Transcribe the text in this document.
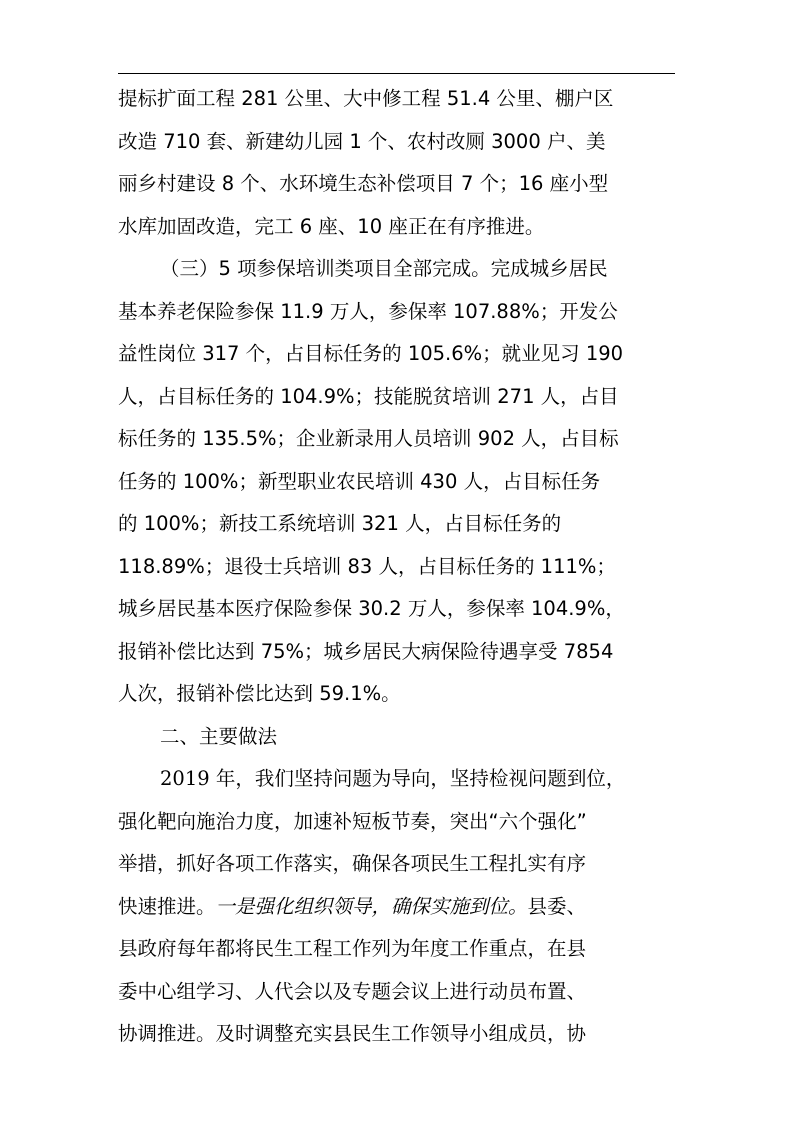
提标扩面工程 281 公里、大中修工程 51.4 公里、棚户区
改造 710 套、新建幼儿园 1 个、农村改厕 3000 户、美
丽乡村建设 8 个、水环境生态补偿项目 7 个；16 座小型
水库加固改造，完工 6 座、10 座正在有序推进。
（三）5 项参保培训类项目全部完成。完成城乡居民
基本养老保险参保 11.9 万人，参保率 107.88%；开发公
益性岗位 317 个，占目标任务的 105.6%；就业见习 190
人，占目标任务的 104.9%；技能脱贫培训 271 人，占目
标任务的 135.5%；企业新录用人员培训 902 人，占目标
任务的 100%；新型职业农民培训 430 人，占目标任务
的 100%；新技工系统培训 321 人，占目标任务的
118.89%；退役士兵培训 83 人，占目标任务的 111%；
城乡居民基本医疗保险参保 30.2 万人，参保率 104.9%，
报销补偿比达到 75%；城乡居民大病保险待遇享受 7854
人次，报销补偿比达到 59.1%。
二、主要做法
2019 年，我们坚持问题为导向，坚持检视问题到位，
强化靶向施治力度，加速补短板节奏，突出“六个强化”
举措，抓好各项工作落实，确保各项民生工程扎实有序
快速推进。一是强化组织领导，确保实施到位。县委、
县政府每年都将民生工程工作列为年度工作重点，在县
委中心组学习、人代会以及专题会议上进行动员布置、
协调推进。及时调整充实县民生工作领导小组成员，协
